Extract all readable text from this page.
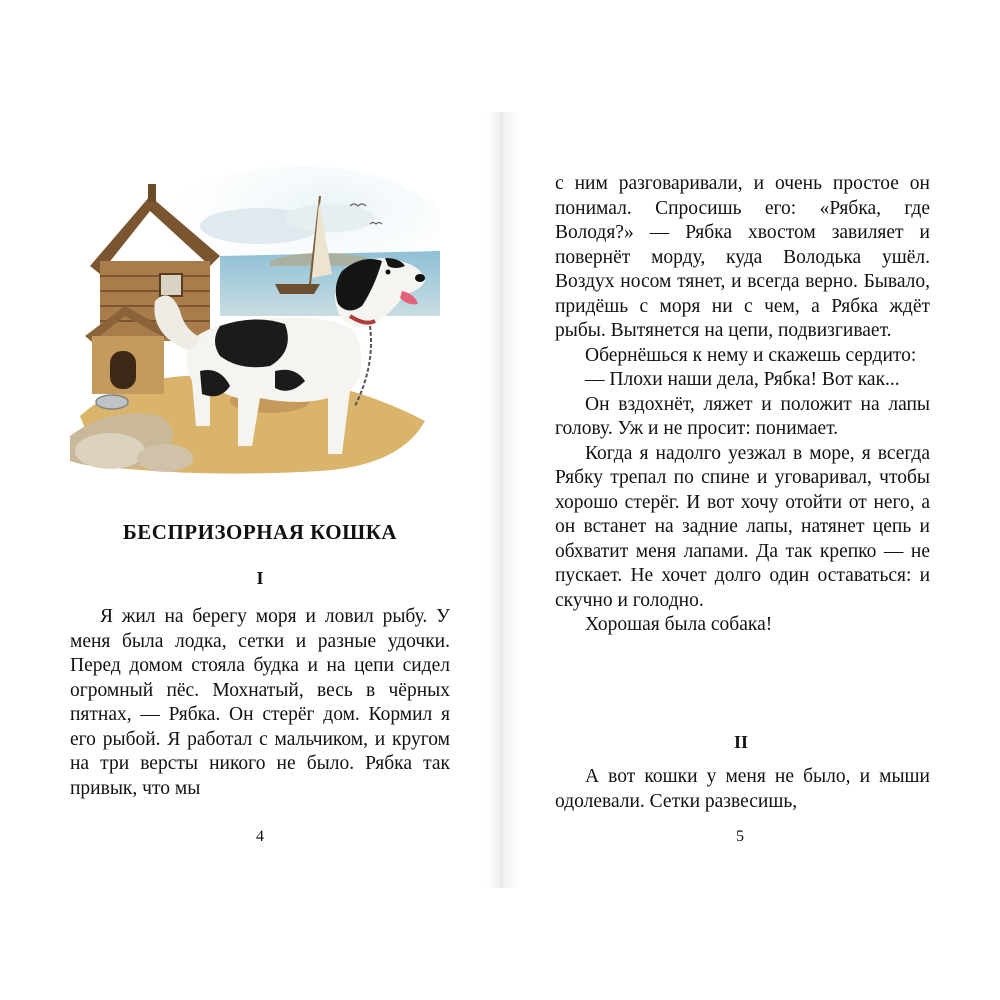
БЕСПРИЗОРНАЯ КОШКА
I

Я жил на берегу моря и ловил рыбу. У меня была лодка, сетки и разные удочки. Перед домом стояла будка и на цепи сидел огромный пёс. Мохнатый, весь в чёрных пятнах, — Рябка. Он стерёг дом. Кормил я его рыбой. Я работал с мальчиком, и кругом на три версты никого не было. Рябка так привык, что мы

с ним разговаривали, и очень простое он понимал. Спросишь его: «Рябка, где Володя?» — Рябка хвостом завиляет и повернёт морду, куда Володька ушёл. Воздух носом тянет, и всегда верно. Бывало, придёшь с моря ни с чем, а Рябка ждёт рыбы. Вытянется на цепи, подвизгивает.

Обернёшься к нему и скажешь сердито:

— Плохи наши дела, Рябка! Вот как...

Он вздохнёт, ляжет и положит на лапы голову. Уж и не просит: понимает.

Когда я надолго уезжал в море, я всегда Рябку трепал по спине и уговаривал, чтобы хорошо стерёг. И вот хочу отойти от него, а он встанет на задние лапы, натянет цепь и обхватит меня лапами. Да так крепко — не пускает. Не хочет долго один оставаться: и скучно и голодно.

Хорошая была собака!

II

А вот кошки у меня не было, и мыши одолевали. Сетки развесишь,

4	5
